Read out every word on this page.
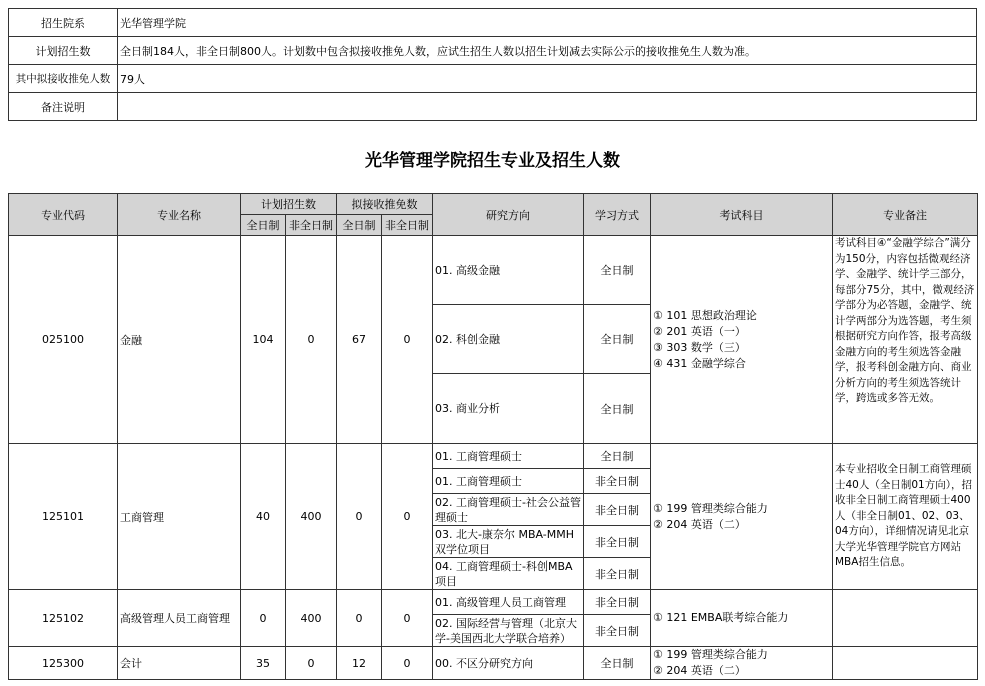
招生院系	光华管理学院
计划招生数	全日制184人，非全日制800人。计划数中包含拟接收推免人数，应试生招生人数以招生计划减去实际公示的接收推免生人数为准。
其中拟接收推免人数	79人
备注说明	
光华管理学院招生专业及招生人数
专业代码	专业名称	计划招生数		拟接收推免数		研究方向	学习方式	考试科目	专业备注
		全日制	非全日制	全日制	非全日制				
025100	金融	104	0	67	0	01. 高级金融	全日制	① 101 思想政治理论
② 201 英语（一）
③ 303 数学（三）
④ 431 金融学综合	考试科目④“金融学综合”满分为150分，内容包括微观经济学、金融学、统计学三部分，每部分75分，其中，微观经济学部分为必答题，金融学、统计学两部分为选答题，考生须根据研究方向作答，报考高级金融方向的考生须选答金融学，报考科创金融方向、商业分析方向的考生须选答统计学，跨选或多答无效。
						02. 科创金融	全日制		
						03. 商业分析	全日制		
125101	工商管理	40	400	0	0	01. 工商管理硕士	全日制	① 199 管理类综合能力
② 204 英语（二）	本专业招收全日制工商管理硕士40人（全日制01方向），招收非全日制工商管理硕士400人（非全日制01、02、03、04方向），详细情况请见北京大学光华管理学院官方网站MBA招生信息。
						01. 工商管理硕士	非全日制		
						02. 工商管理硕士-社会公益管理硕士	非全日制		
						03. 北大-康奈尔 MBA-MMH 双学位项目	非全日制		
						04. 工商管理硕士-科创MBA项目	非全日制		
125102	高级管理人员工商管理	0	400	0	0	01. 高级管理人员工商管理	非全日制	① 121 EMBA联考综合能力	

						02. 国际经营与管理（北京大学-美国西北大学联合培养）	非全日制		
125300	会计	35	0	12	0	00. 不区分研究方向	全日制	① 199 管理类综合能力
② 204 英语（二）	
